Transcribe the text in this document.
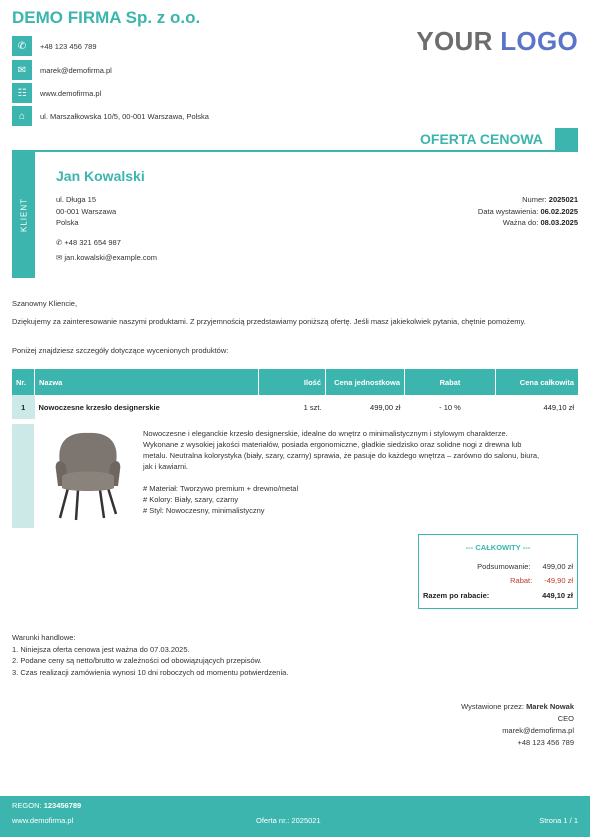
DEMO FIRMA Sp. z o.o.
✆	+48 123 456 789
✉	marek@demofirma.pl
☷	www.demofirma.pl
⌂	ul. Marszałkowska 10/5, 00-001 Warszawa, Polska
YOUR LOGO
OFERTA CENOWA
KLIENT
Jan Kowalski
ul. Długa 15
00-001 Warszawa
Polska
✆ +48 321 654 987
✉ jan.kowalski@example.com
Numer: 2025021
Data wystawienia: 06.02.2025
Ważna do: 08.03.2025
Szanowny Kliencie,
Dziękujemy za zainteresowanie naszymi produktami. Z przyjemnością przedstawiamy poniższą ofertę. Jeśli masz jakiekolwiek pytania, chętnie pomożemy.
Poniżej znajdziesz szczegóły dotyczące wycenionych produktów:
Nr.	Nazwa	Ilość	Cena jednostkowa	Rabat	Cena całkowita
1	Nowoczesne krzesło designerskie	1 szt.	499,00 zł	- 10 %	449,10 zł
Nowoczesne i eleganckie krzesło designerskie, idealne do wnętrz o minimalistycznym i stylowym charakterze. Wykonane z wysokiej jakości materiałów, posiada ergonomiczne, gładkie siedzisko oraz solidne nogi z drewna lub metalu. Neutralna kolorystyka (biały, szary, czarny) sprawia, że pasuje do każdego wnętrza – zarówno do salonu, biura, jak i kawiarni.
# Materiał: Tworzywo premium + drewno/metal
# Kolory: Biały, szary, czarny
# Styl: Nowoczesny, minimalistyczny
--- CAŁKOWITY ---
Podsumowanie:	499,00 zł
Rabat:	-49,90 zł
Razem po rabacie:	449,10 zł
Warunki handlowe:
1. Niniejsza oferta cenowa jest ważna do 07.03.2025.
2. Podane ceny są netto/brutto w zależności od obowiązujących przepisów.
3. Czas realizacji zamówienia wynosi 10 dni roboczych od momentu potwierdzenia.
Wystawione przez: Marek Nowak
CEO
marek@demofirma.pl
+48 123 456 789
REGON: 123456789
www.demofirma.pl	Oferta nr.: 2025021	Strona 1 / 1
